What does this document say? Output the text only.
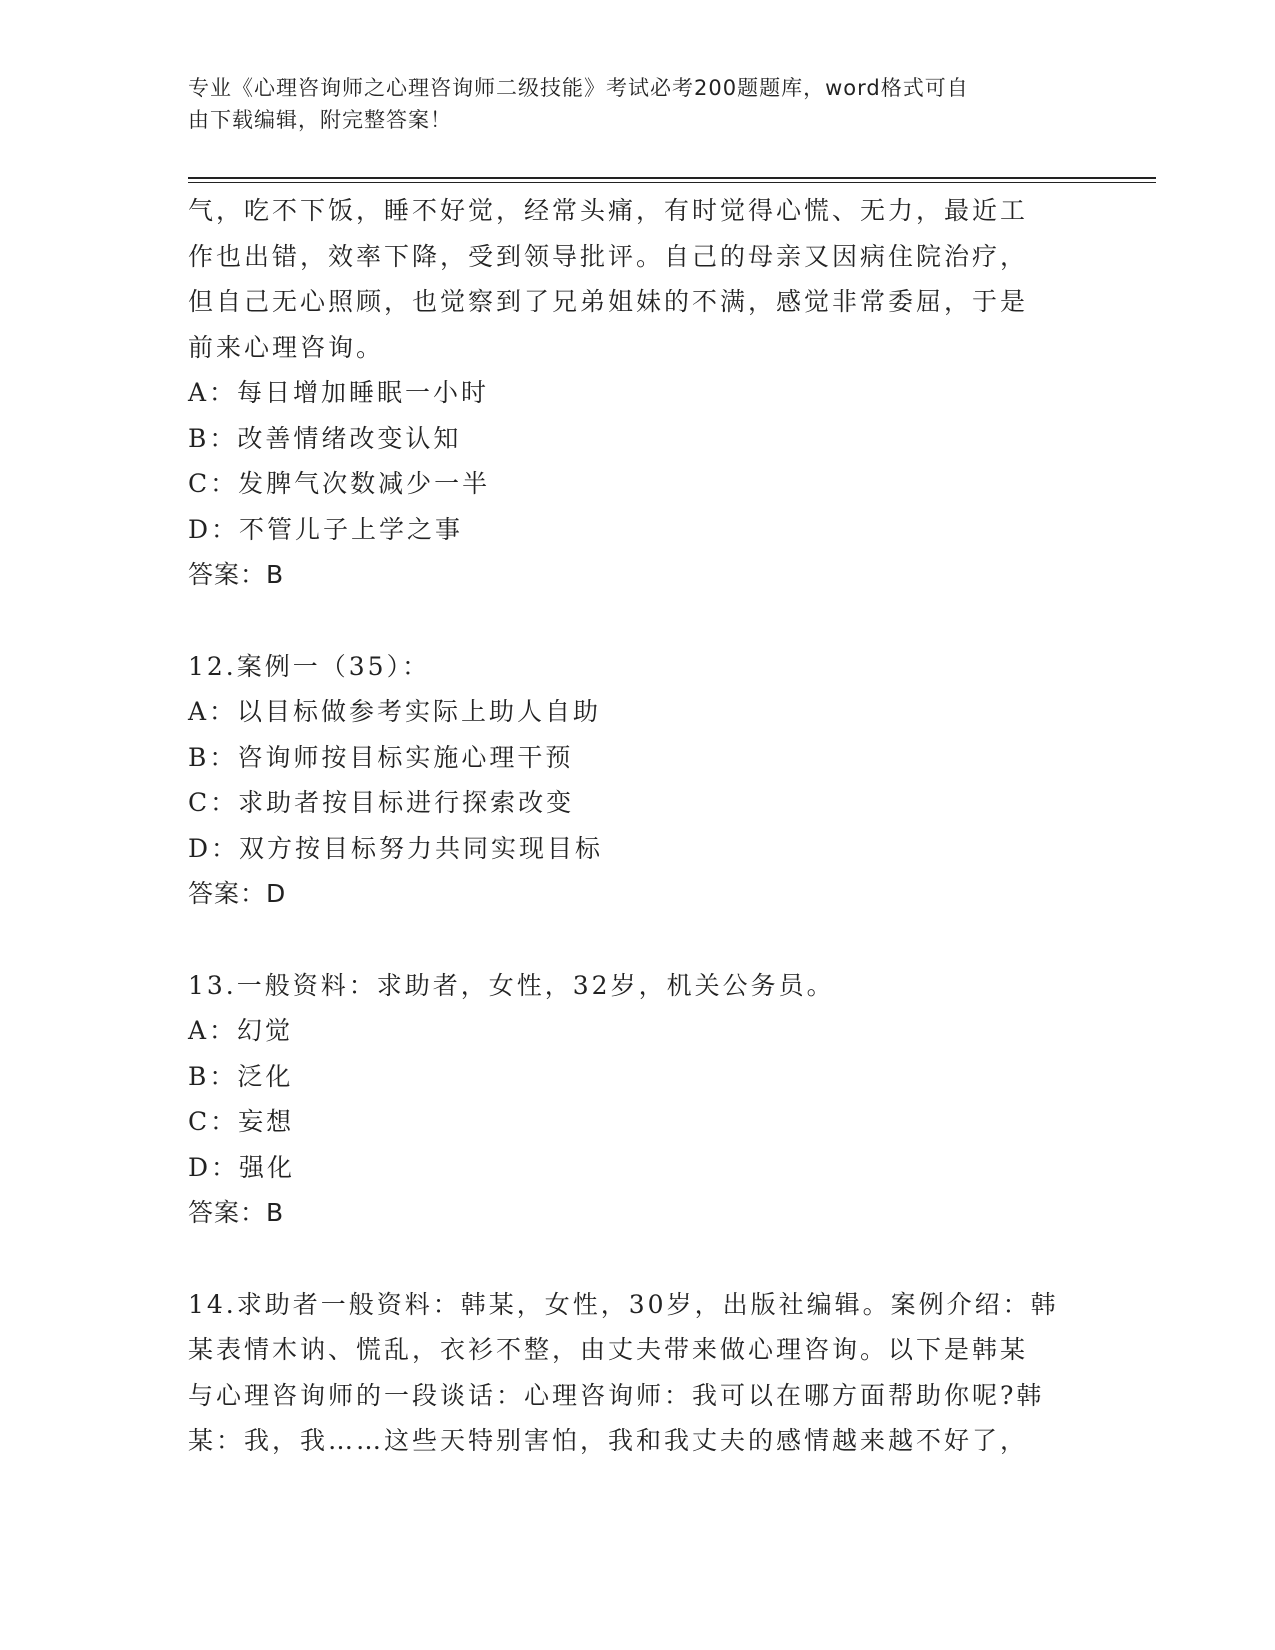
专业《心理咨询师之心理咨询师二级技能》考试必考200题题库，word格式可自
由下载编辑，附完整答案！
气，吃不下饭，睡不好觉，经常头痛，有时觉得心慌、无力，最近工
作也出错，效率下降，受到领导批评。自己的母亲又因病住院治疗，
但自己无心照顾，也觉察到了兄弟姐妹的不满，感觉非常委屈，于是
前来心理咨询。
A：每日增加睡眠一小时
B：改善情绪改变认知
C：发脾气次数减少一半
D：不管儿子上学之事
答案：B
12.案例一（35）：
A：以目标做参考实际上助人自助
B：咨询师按目标实施心理干预
C：求助者按目标进行探索改变
D：双方按目标努力共同实现目标
答案：D
13.一般资料：求助者，女性，32岁，机关公务员。
A：幻觉
B：泛化
C：妄想
D：强化
答案：B
14.求助者一般资料：韩某，女性，30岁，出版社编辑。案例介绍：韩
某表情木讷、慌乱，衣衫不整，由丈夫带来做心理咨询。以下是韩某
与心理咨询师的一段谈话：心理咨询师：我可以在哪方面帮助你呢?韩
某：我，我……这些天特别害怕，我和我丈夫的感情越来越不好了，
